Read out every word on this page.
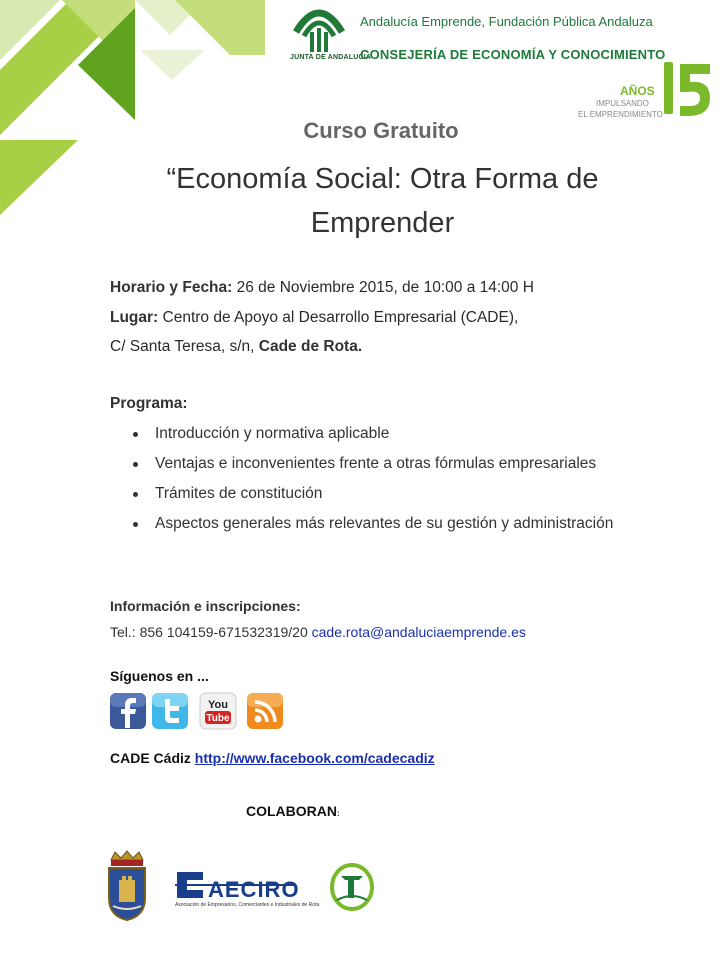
JUNTA DE ANDALUCIA
Andalucía Emprende, Fundación Pública Andaluza
CONSEJERÍA DE ECONOMÍA Y CONOCIMIENTO
AÑOS
IMPULSANDO
EL EMPRENDIMIENTO
Curso Gratuito
“Economía Social: Otra Forma de Emprender
Horario y Fecha: 26 de Noviembre 2015, de 10:00 a 14:00 H
Lugar: Centro de Apoyo al Desarrollo Empresarial (CADE),
C/ Santa Teresa, s/n, Cade de Rota.
Programa:
Introducción y normativa aplicable
Ventajas e inconvenientes frente a otras fórmulas empresariales
Trámites de constitución
Aspectos generales más relevantes de su gestión y administración
Información e inscripciones:
Tel.: 856 104159-671532319/20 cade.rota@andaluciaemprende.es
Síguenos en ...
You
Tube
CADE Cádiz http://www.facebook.com/cadecadiz
COLABORAN:
AECIRO
Asociación de Empresarios, Comerciantes e Industriales de Rota
